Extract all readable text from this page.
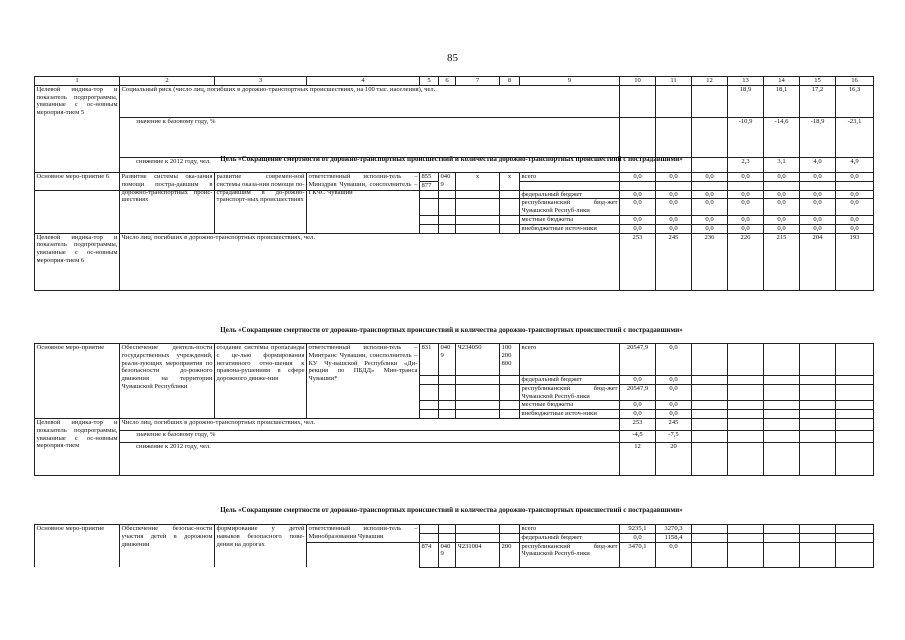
85
1	2	3	4	5	6	7	8	9	10	11	12	13	14	15	16	
Целевой индика-тор и показатель подпрограммы, увязанные с ос-новным мероприя-тием 5	Социальный риск (число лиц, погибших в дорожно-транспортных происшествиях, на 100 тыс. населения), чел.											18,9	18,1	17,2	16,3	
	значение к базовому году, %											-10,9	-14,6	-18,9	-23,1	
	снижение к 2012 году, чел.											2,3	3,1	4,0	4,9	
Цель «Сокращение смертности от дорожно-транспортных происшествий и количества дорожно-транспортных происшествий с пострадавшими»
Основное меро-приятие 6	Развитие системы ока-зания помощи постра-давшим в дорожно-транспортных проис-шествиях	развитие современ-ной системы оказа-ния помощи по-страдавшим в до-рожно-транспорт-ных происшествиях	ответственный исполни-тель – Минздрав Чувашии, соисполнитель – ГКЧС Чувашии	855	0409	x	x	всего	0,0	0,0	0,0	0,0	0,0	0,0	0,0
				877											
								федеральный бюджет	0,0	0,0	0,0	0,0	0,0	0,0	0,0
								республиканский бюд-жет Чувашской Респуб-лики	0,0	0,0	0,0	0,0	0,0	0,0	0,0
								местные бюджеты	0,0	0,0	0,0	0,0	0,0	0,0	0,0
								внебюджетные источ-ники	0,0	0,0	0,0	0,0	0,0	0,0	0,0
Целевой индика-тор и показатель подпрограммы, увязанные с ос-новным мероприя-тием 6	Число лиц, погибших в дорожно-транспортных происшествиях, чел.								253	245	236	226	215	204	193
Цель «Сокращение смертности от дорожно-транспортных происшествий и количества дорожно-транспортных происшествий с пострадавшими»
Основное меро-приятие	Обеспечение деятель-ности государственных учреждений, реали-зующих мероприятия по безопасности до-рожного движения на территории Чувашской Республики	создание системы пропаганды с це-лью формирования негативного отно-шения к правона-рушениям в сфере дорожного движе-ния	ответственный исполни-тель – Минтранс Чувашии, соисполнитель – КУ Чу-вашской Республики «Ди-рекция по ПБДД» Мин-транса Чувашии*	831	0409	Ч234050	100 200 800	всего	20547,9	0,0					
								федеральный бюджет	0,0	0,0					
								республиканский бюд-жет Чувашской Респуб-лики	20547,9	0,0					
								местные бюджеты	0,0	0,0					
								внебюджетные источ-ники	0,0	0,0					
Целевой индика-тор и показатель подпрограммы, увязанные с ос-новным мероприя-тием	Число лиц, погибших в дорожно-транспортных происшествиях, чел.								253	245					
	значение к базовому году, %								-4,5	-7,5					
	снижение к 2012 году, чел.								12	20					
Цель «Сокращение смертности от дорожно-транспортных происшествий и количества дорожно-транспортных происшествий с пострадавшими»
Основное меро-приятие	Обеспечение безопас-ности участия детей в дорожном движении	формирование у детей навыков безопасного пове-дения на дорогах	ответственный исполни-тель – Минобразования Чувашии					всего	9235,1	3270,3					
								федеральный бюджет	0,0	1158,4					
				874	0409	Ч231004	200	республиканский бюд-жет Чувашской Респуб-лики	3470,1	0,0					
